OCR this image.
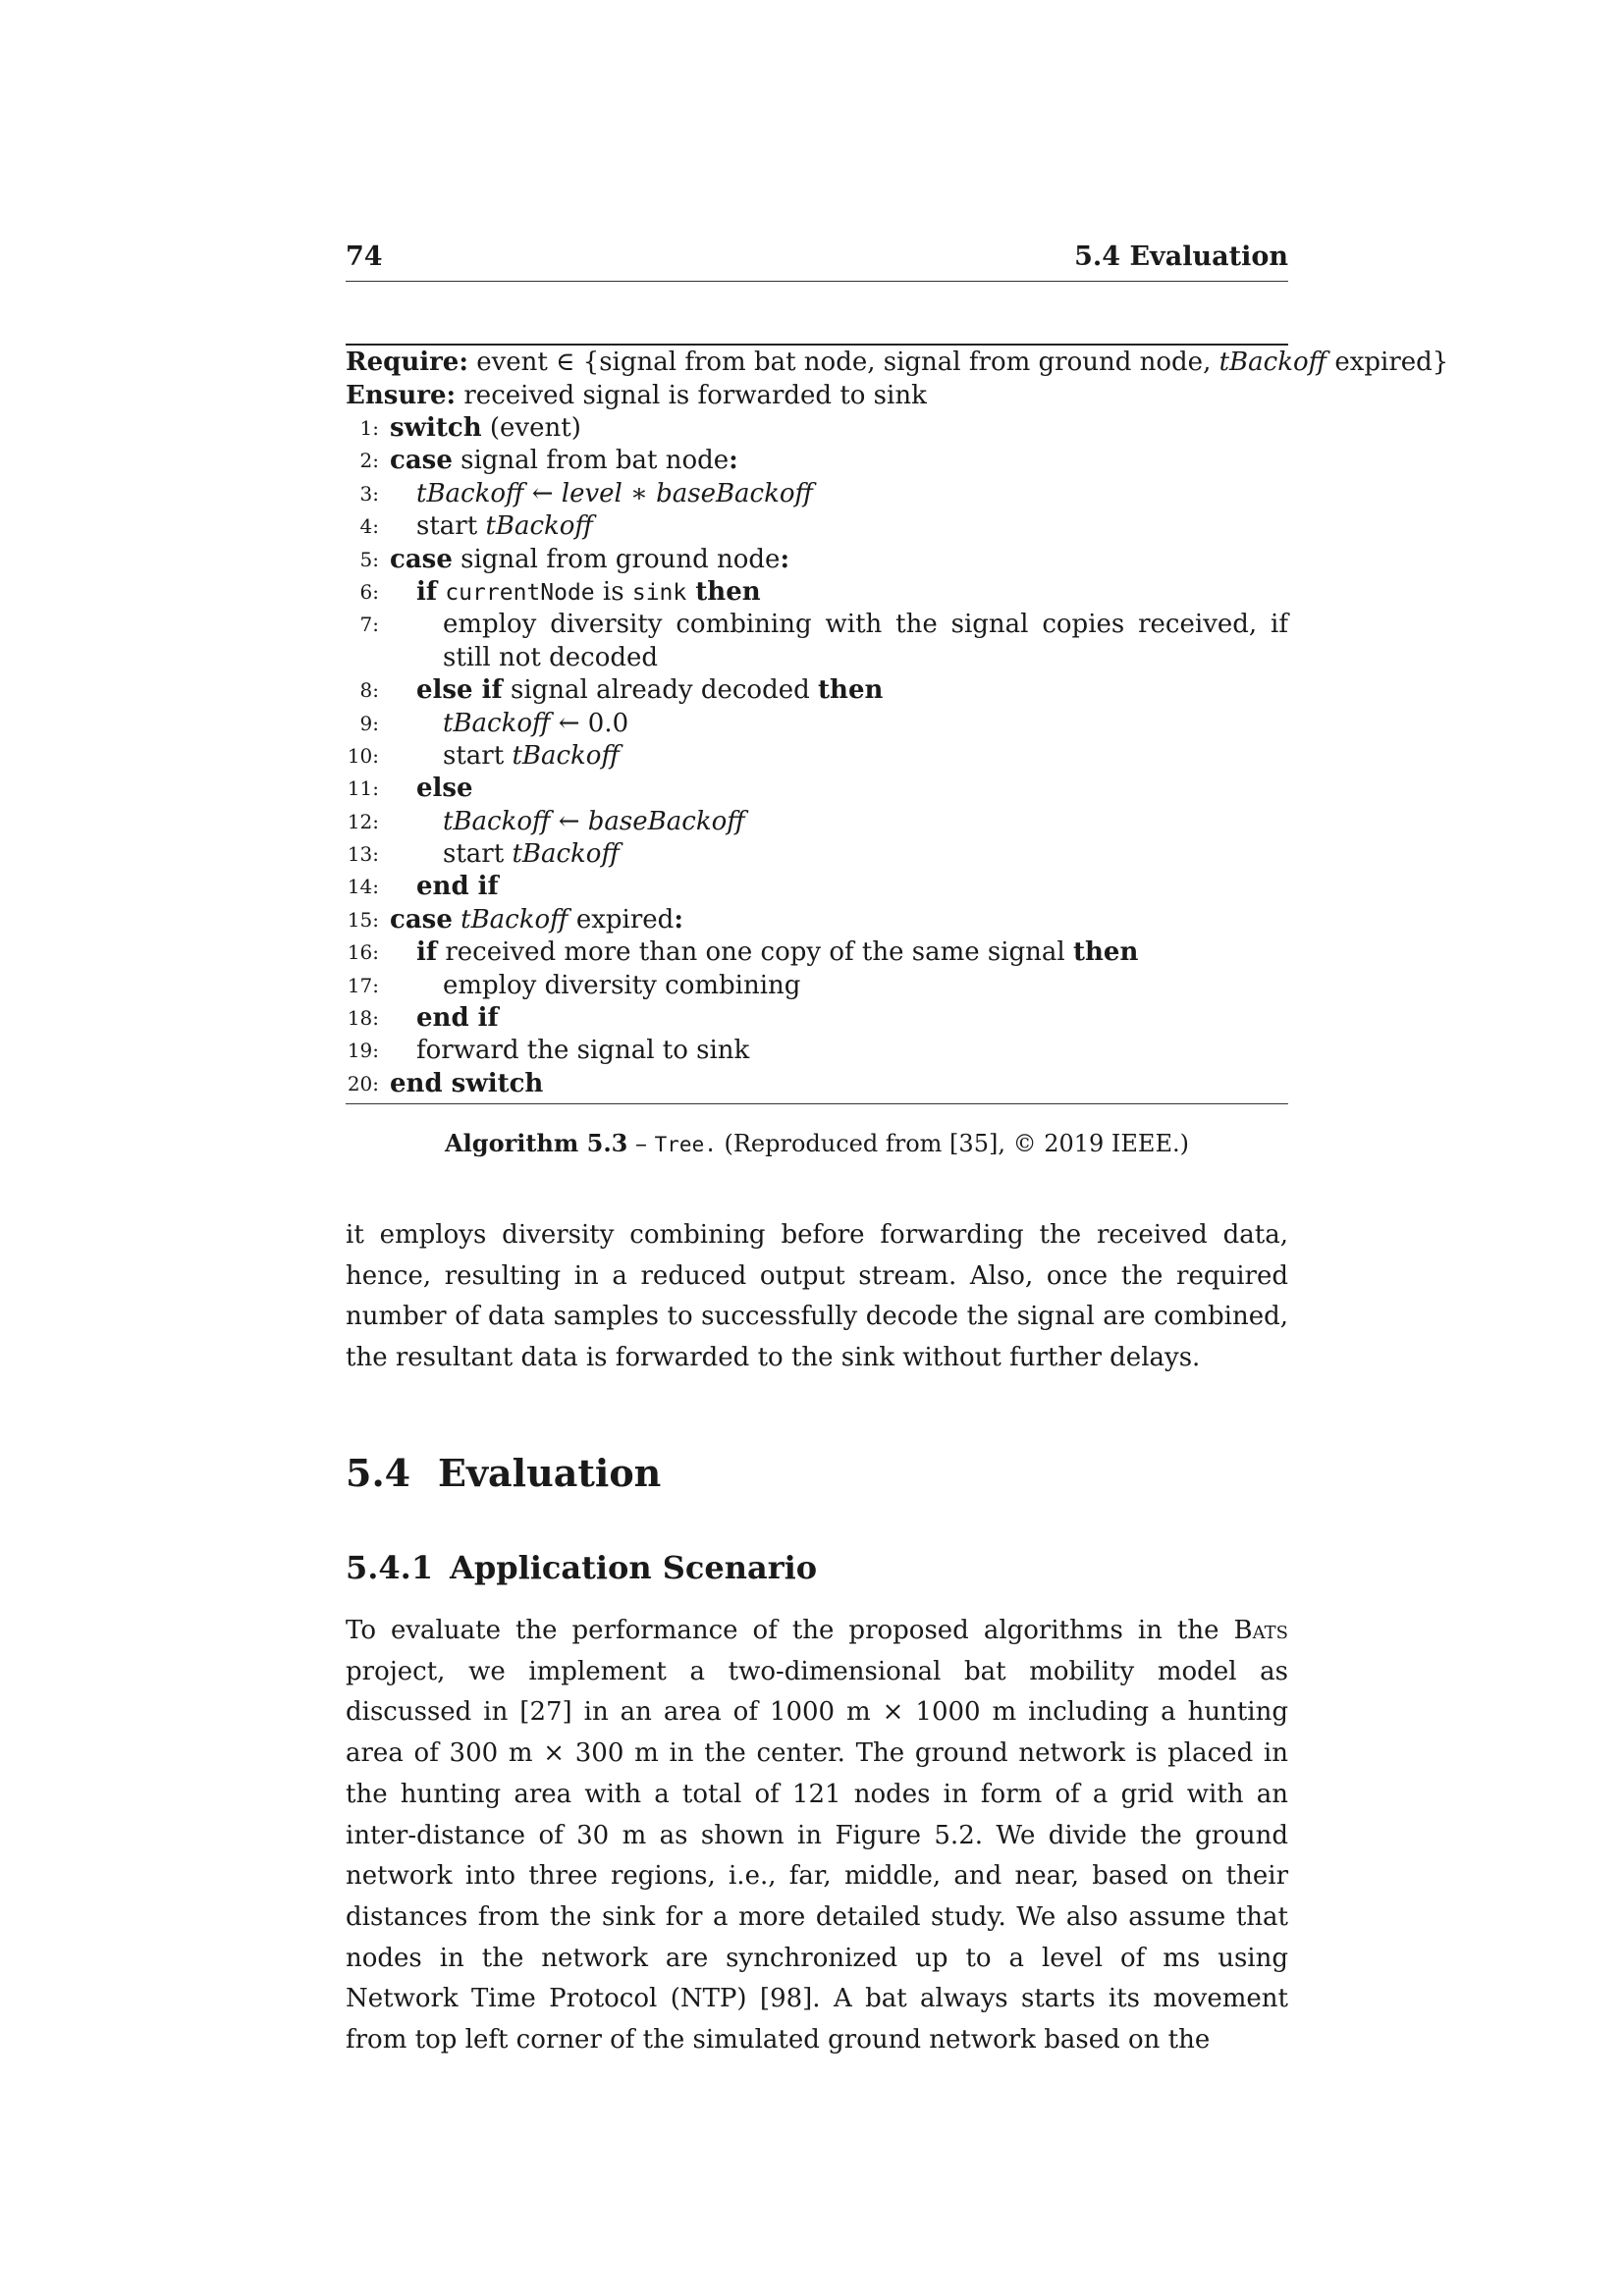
74	5.4 Evaluation
Require: event ∈ {signal from bat node, signal from ground node, tBackoff expired}
Ensure: received signal is forwarded to sink
1: switch (event)
2: case signal from bat node:
3:	tBackoff ← level ∗ baseBackoff
4:	start tBackoff
5: case signal from ground node:
6:	if currentNode is sink then
7:	employ diversity combining with the signal copies received, if still not decoded
8:	else if signal already decoded then
9:	tBackoff ← 0.0
10:	start tBackoff
11:	else
12:	tBackoff ← baseBackoff
13:	start tBackoff
14:	end if
15: case tBackoff expired:
16:	if received more than one copy of the same signal then
17:	employ diversity combining
18:	end if
19:	forward the signal to sink
20: end switch
Algorithm 5.3 – Tree. (Reproduced from [35], © 2019 IEEE.)
it employs diversity combining before forwarding the received data, hence, resulting in a reduced output stream. Also, once the required number of data samples to successfully decode the signal are combined, the resultant data is forwarded to the sink without further delays.
5.4 Evaluation
5.4.1 Application Scenario
To evaluate the performance of the proposed algorithms in the Bats project, we implement a two-dimensional bat mobility model as discussed in [27] in an area of 1000 m × 1000 m including a hunting area of 300 m × 300 m in the center. The ground network is placed in the hunting area with a total of 121 nodes in form of a grid with an inter-distance of 30 m as shown in Figure 5.2. We divide the ground network into three regions, i.e., far, middle, and near, based on their distances from the sink for a more detailed study. We also assume that nodes in the network are synchronized up to a level of ms using Network Time Protocol (NTP) [98]. A bat always starts its movement from top left corner of the simulated ground network based on the
